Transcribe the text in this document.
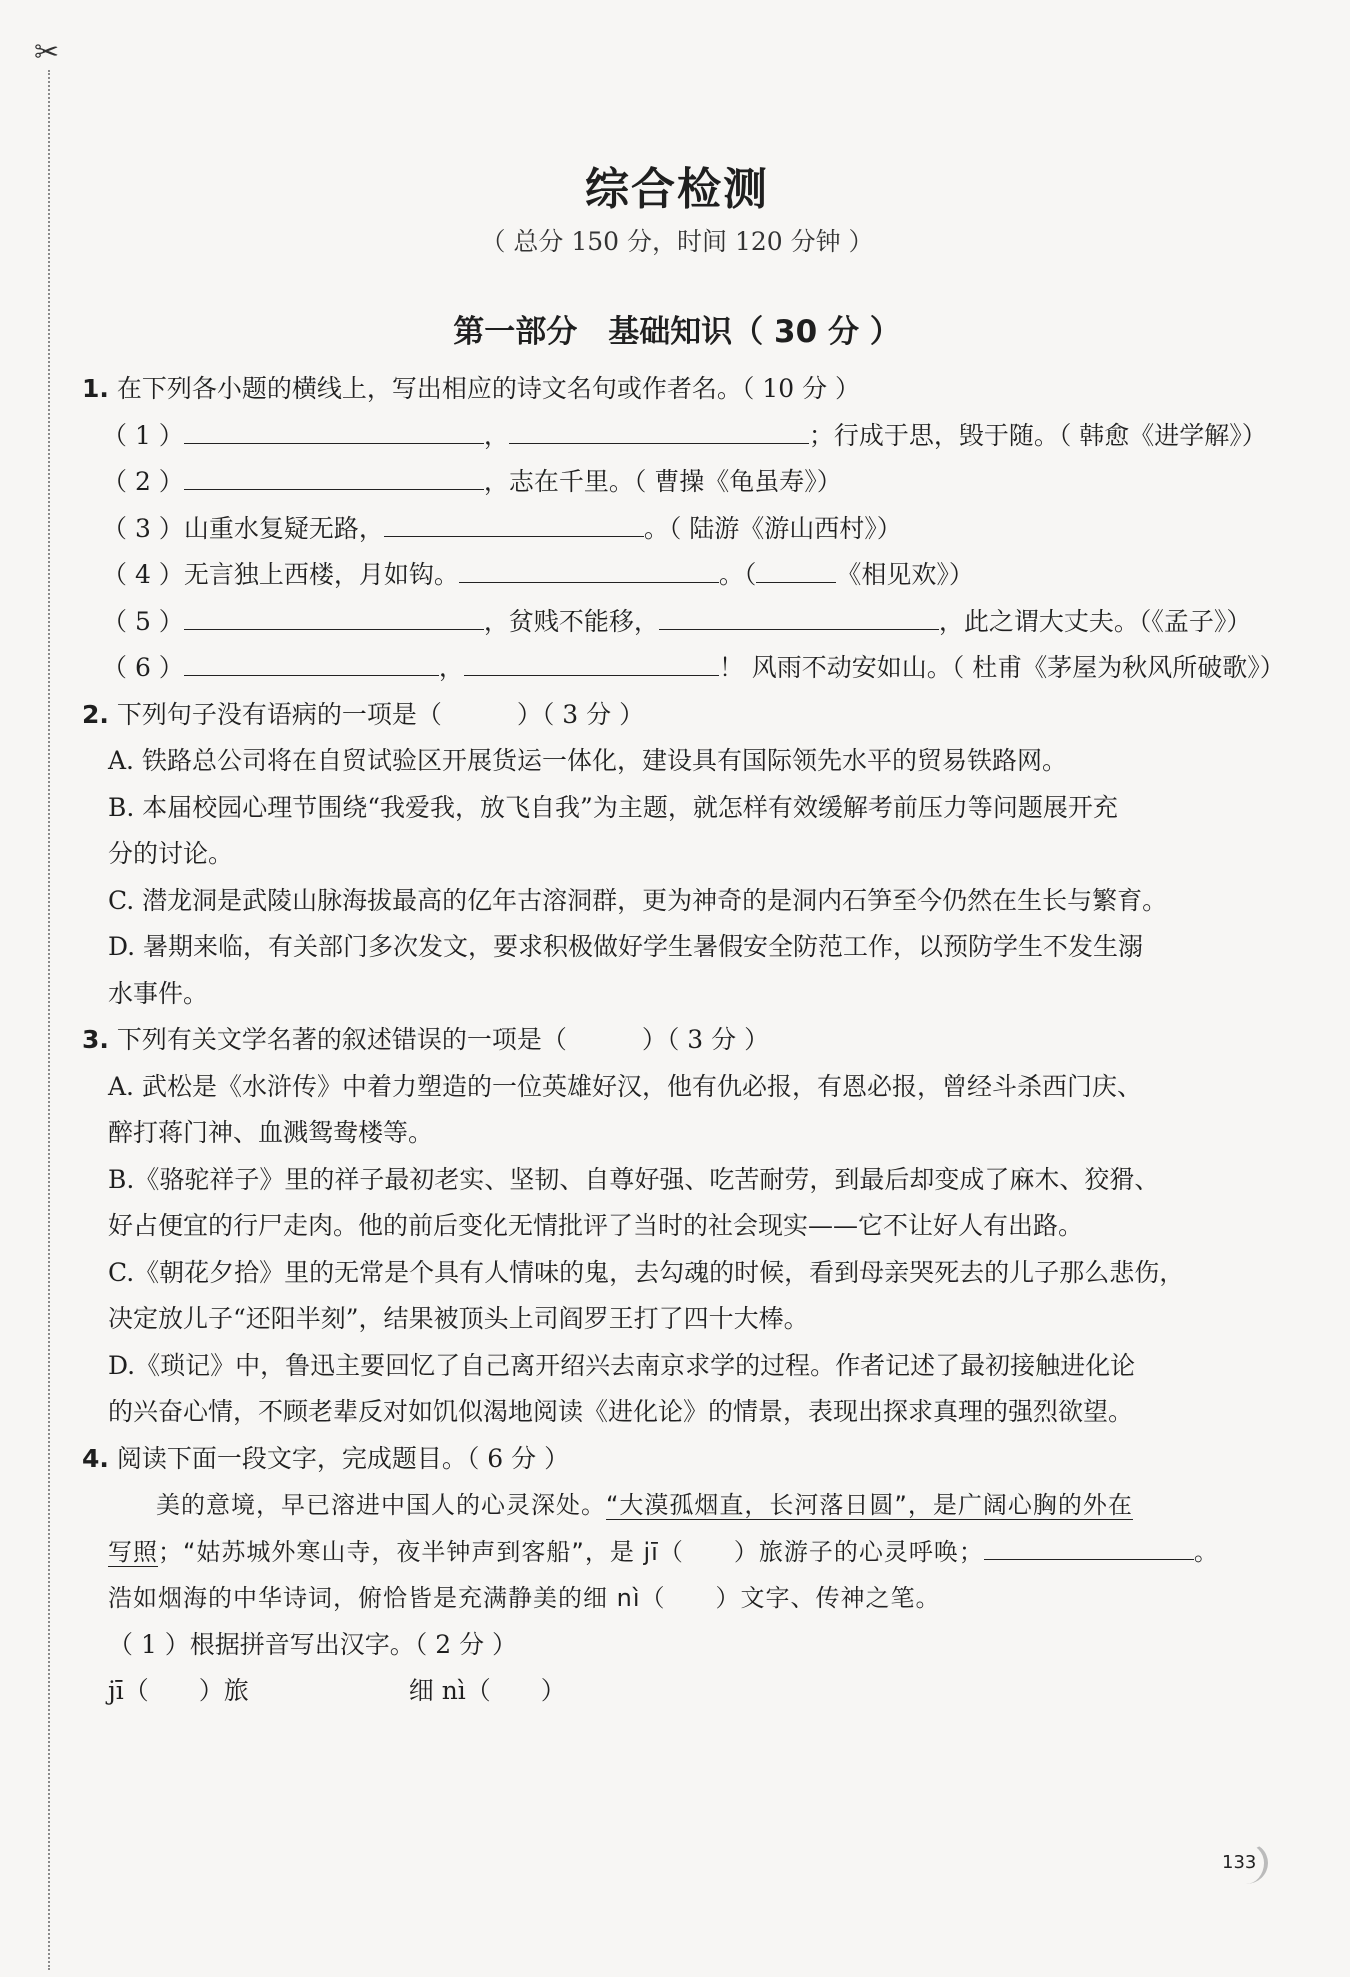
✂
综合检测
（ 总分 150 分，时间 120 分钟 ）
第一部分　基础知识（ 30 分 ）
1. 在下列各小题的横线上，写出相应的诗文名句或作者名。（ 10 分 ）
（ 1 ）	，	；行成于思，毁于随。（ 韩愈《进学解》）
（ 2 ）	，志在千里。（ 曹操《龟虽寿》）
（ 3 ）山重水复疑无路，	。（ 陆游《游山西村》）
（ 4 ）无言独上西楼，月如钩。	。（	《相见欢》）
（ 5 ）	，贫贱不能移，	，此之谓大丈夫。（《孟子》）
（ 6 ）	，	！ 风雨不动安如山。（ 杜甫《茅屋为秋风所破歌》）
2. 下列句子没有语病的一项是（　　　）（ 3 分 ）
A. 铁路总公司将在自贸试验区开展货运一体化，建设具有国际领先水平的贸易铁路网。
B. 本届校园心理节围绕“我爱我，放飞自我”为主题，就怎样有效缓解考前压力等问题展开充
分的讨论。
C. 潜龙洞是武陵山脉海拔最高的亿年古溶洞群，更为神奇的是洞内石笋至今仍然在生长与繁育。
D. 暑期来临，有关部门多次发文，要求积极做好学生暑假安全防范工作，以预防学生不发生溺
水事件。
3. 下列有关文学名著的叙述错误的一项是（　　　）（ 3 分 ）
A. 武松是《水浒传》中着力塑造的一位英雄好汉，他有仇必报，有恩必报，曾经斗杀西门庆、
醉打蒋门神、血溅鸳鸯楼等。
B.《骆驼祥子》里的祥子最初老实、坚韧、自尊好强、吃苦耐劳，到最后却变成了麻木、狡猾、
好占便宜的行尸走肉。他的前后变化无情批评了当时的社会现实——它不让好人有出路。
C.《朝花夕拾》里的无常是个具有人情味的鬼，去勾魂的时候，看到母亲哭死去的儿子那么悲伤，
决定放儿子“还阳半刻”，结果被顶头上司阎罗王打了四十大棒。
D.《琐记》中，鲁迅主要回忆了自己离开绍兴去南京求学的过程。作者记述了最初接触进化论
的兴奋心情，不顾老辈反对如饥似渴地阅读《进化论》的情景，表现出探求真理的强烈欲望。
4. 阅读下面一段文字，完成题目。（ 6 分 ）
美的意境，早已溶进中国人的心灵深处。“大漠孤烟直，长河落日圆”，是广阔心胸的外在
写照；“姑苏城外寒山寺，夜半钟声到客船”，是 jī（　　）旅游子的心灵呼唤；	。
浩如烟海的中华诗词，俯恰皆是充满静美的细 nì（　　）文字、传神之笔。
（ 1 ）根据拼音写出汉字。（ 2 分 ）
jī（　　）旅	细 nì（　　）
133
